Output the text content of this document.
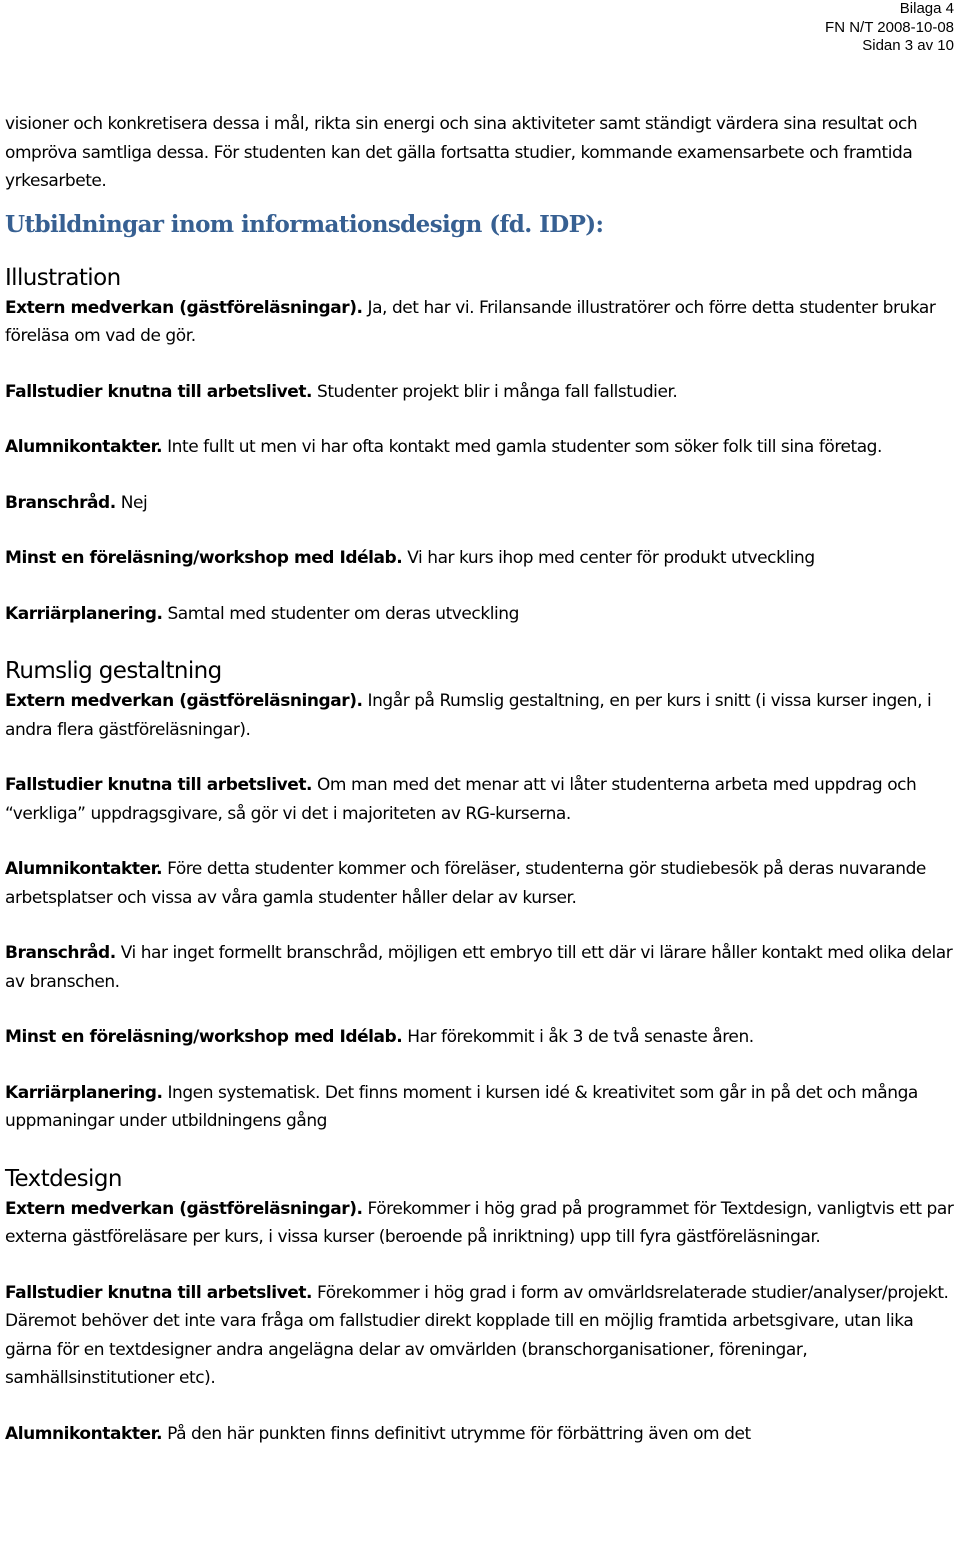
Bilaga 4
FN N/T 2008-10-08
Sidan 3 av 10

visioner och konkretisera dessa i mål, rikta sin energi och sina aktiviteter samt ständigt värdera sina resultat och ompröva samtliga dessa. För studenten kan det gälla fortsatta studier, kommande examensarbete och framtida yrkesarbete.

Utbildningar inom informationsdesign (fd. IDP):
Illustration

Extern medverkan (gästföreläsningar). Ja, det har vi. Frilansande illustratörer och förre detta studenter brukar föreläsa om vad de gör.

Fallstudier knutna till arbetslivet. Studenter projekt blir i många fall fallstudier.

Alumnikontakter. Inte fullt ut men vi har ofta kontakt med gamla studenter som söker folk till sina företag.

Branschråd. Nej

Minst en föreläsning/workshop med Idélab. Vi har kurs ihop med center för produkt utveckling

Karriärplanering. Samtal med studenter om deras utveckling

Rumslig gestaltning

Extern medverkan (gästföreläsningar). Ingår på Rumslig gestaltning, en per kurs i snitt (i vissa kurser ingen, i andra flera gästföreläsningar).

Fallstudier knutna till arbetslivet. Om man med det menar att vi låter studenterna arbeta med uppdrag och “verkliga” uppdragsgivare, så gör vi det i majoriteten av RG-kurserna.

Alumnikontakter. Före detta studenter kommer och föreläser, studenterna gör studiebesök på deras nuvarande arbetsplatser och vissa av våra gamla studenter håller delar av kurser.

Branschråd. Vi har inget formellt branschråd, möjligen ett embryo till ett där vi lärare håller kontakt med olika delar av branschen.

Minst en föreläsning/workshop med Idélab. Har förekommit i åk 3 de två senaste åren.

Karriärplanering. Ingen systematisk. Det finns moment i kursen idé & kreativitet som går in på det och många uppmaningar under utbildningens gång

Textdesign

Extern medverkan (gästföreläsningar). Förekommer i hög grad på programmet för Textdesign, vanligtvis ett par externa gästföreläsare per kurs, i vissa kurser (beroende på inriktning) upp till fyra gästföreläsningar.

Fallstudier knutna till arbetslivet. Förekommer i hög grad i form av omvärldsrelaterade studier/analyser/projekt. Däremot behöver det inte vara fråga om fallstudier direkt kopplade till en möjlig framtida arbetsgivare, utan lika gärna för en textdesigner andra angelägna delar av omvärlden (branschorganisationer, föreningar, samhällsinstitutioner etc).

Alumnikontakter. På den här punkten finns definitivt utrymme för förbättring även om det
